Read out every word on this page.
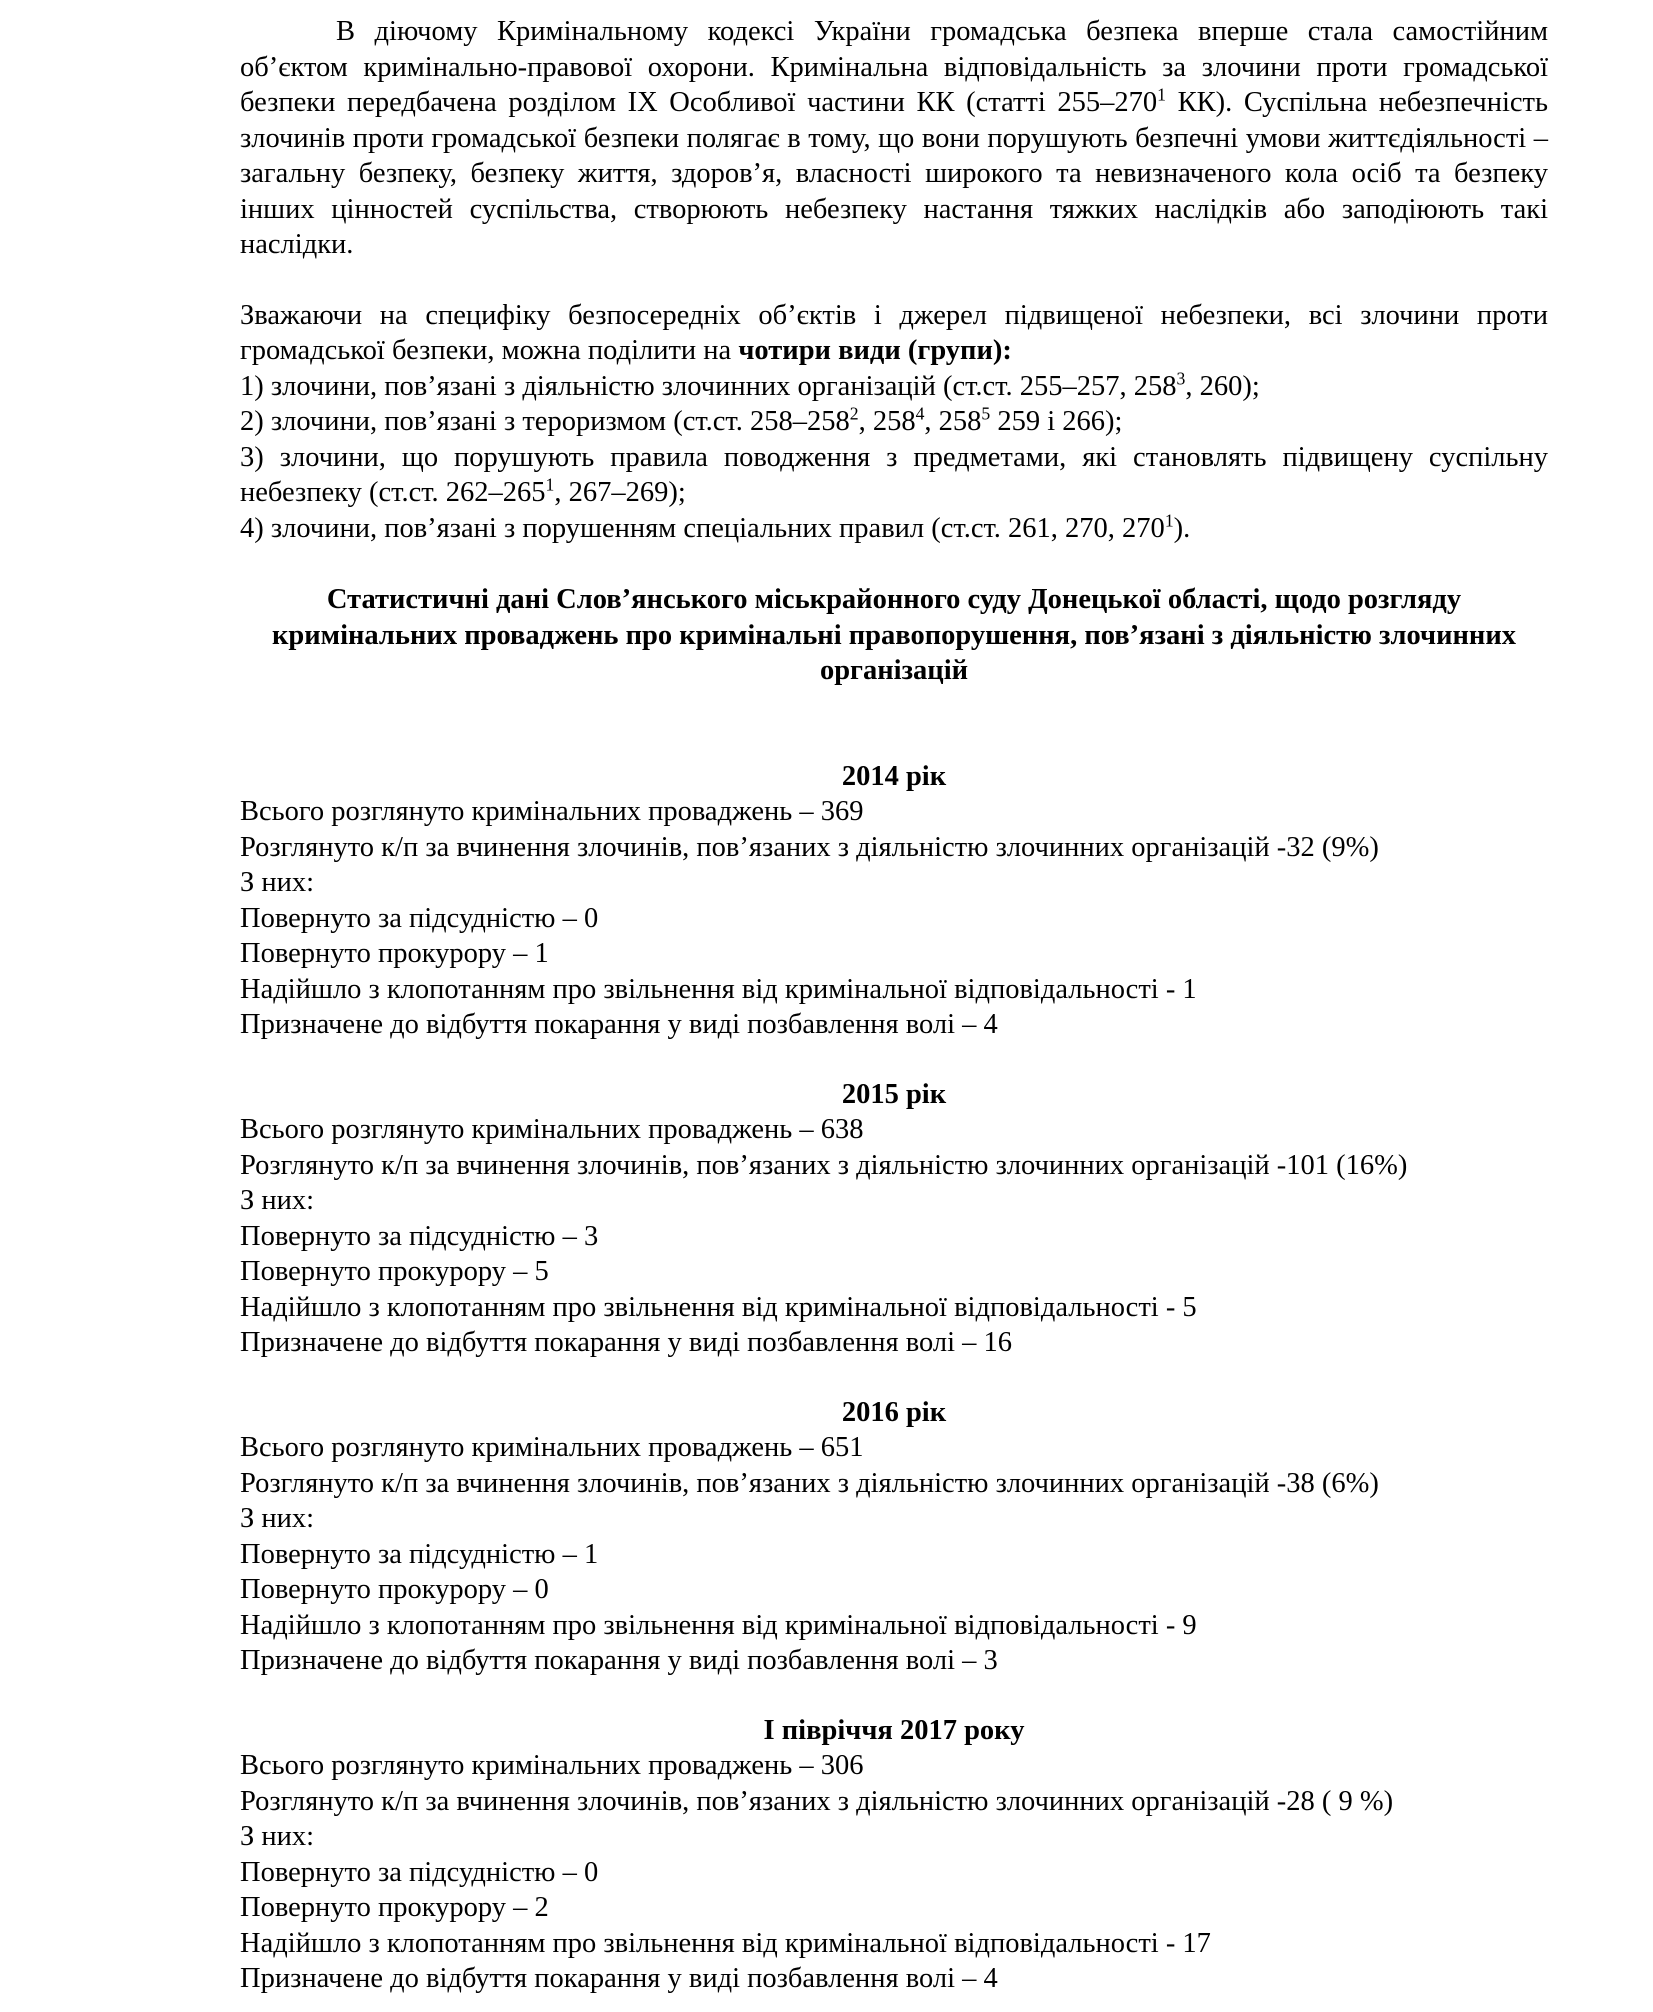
В діючому Кримінальному кодексі України громадська безпека вперше стала самостійним об’єктом кримінально-правової охорони. Кримінальна відповідальність за злочини проти громадської безпеки передбачена розділом IX Особливої частини КК (статті $255-270^1$ КК). Суспільна небезпечність злочинів проти громадської безпеки полягає в тому, що вони порушують безпечні умови життєдіяльності – загальну безпеку, безпеку життя, здоров’я, власності широкого та невизначеного кола осіб та безпеку інших цінностей суспільства, створюють небезпеку настання тяжких наслідків або заподіюють такі наслідки.

Зважаючи на специфіку безпосередніх об’єктів і джерел підвищеної небезпеки, всі злочини проти громадської безпеки, можна поділити на чотири види (групи):

1) злочини, пов’язані з діяльністю злочинних організацій (ст.ст. 255–257, $258^3$, 260);

2) злочини, пов’язані з тероризмом (ст.ст. $258-258^2$, $258^4$, $258^5$ 259 і 266);

3) злочини, що порушують правила поводження з предметами, які становлять підвищену суспільну небезпеку (ст.ст. $262-265^1$, 267–269);

4) злочини, пов’язані з порушенням спеціальних правил (ст.ст. 261, 270, $270^1$).

Статистичні дані Слов’янського міськрайонного суду Донецької області, щодо розгляду кримінальних проваджень про кримінальні правопорушення, пов’язані з діяльністю злочинних організацій

2014 рік

Всього розглянуто кримінальних проваджень – 369

Розглянуто к/п за вчинення злочинів, пов’язаних з діяльністю злочинних організацій -32 (9%)

З них:

Повернуто за підсудністю – 0

Повернуто прокурору – 1

Надійшло з клопотанням про звільнення від кримінальної відповідальності - 1

Призначене до відбуття покарання у виді позбавлення волі – 4

2015 рік

Всього розглянуто кримінальних проваджень – 638

Розглянуто к/п за вчинення злочинів, пов’язаних з діяльністю злочинних організацій -101 (16%)

З них:

Повернуто за підсудністю – 3

Повернуто прокурору – 5

Надійшло з клопотанням про звільнення від кримінальної відповідальності - 5

Призначене до відбуття покарання у виді позбавлення волі – 16

2016 рік

Всього розглянуто кримінальних проваджень – 651

Розглянуто к/п за вчинення злочинів, пов’язаних з діяльністю злочинних організацій -38 (6%)

З них:

Повернуто за підсудністю – 1

Повернуто прокурору – 0

Надійшло з клопотанням про звільнення від кримінальної відповідальності - 9

Призначене до відбуття покарання у виді позбавлення волі – 3

І півріччя 2017 року

Всього розглянуто кримінальних проваджень – 306

Розглянуто к/п за вчинення злочинів, пов’язаних з діяльністю злочинних організацій -28 ( 9 %)

З них:

Повернуто за підсудністю – 0

Повернуто прокурору – 2

Надійшло з клопотанням про звільнення від кримінальної відповідальності - 17

Призначене до відбуття покарання у виді позбавлення волі – 4
